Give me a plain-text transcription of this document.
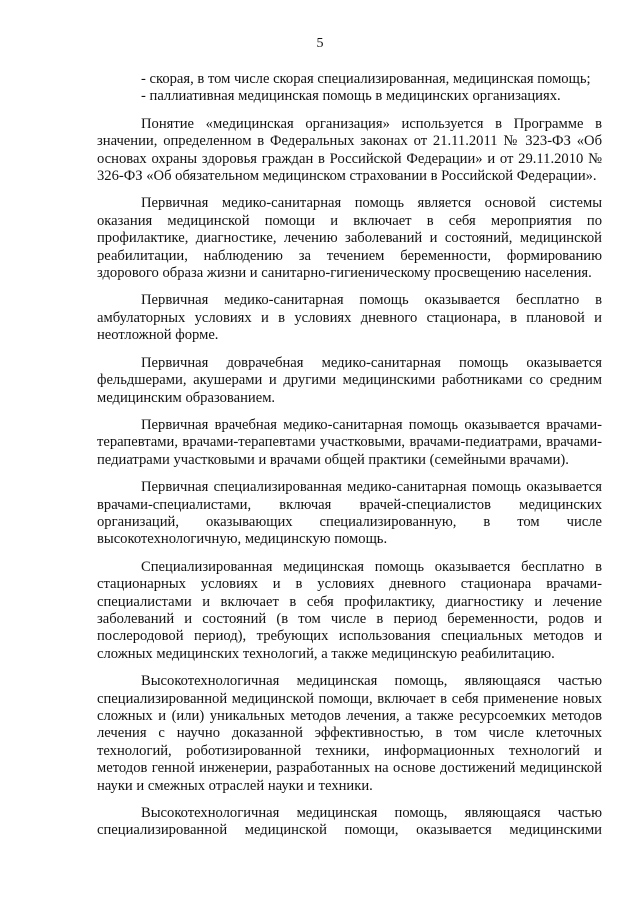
5

- скорая, в том числе скорая специализированная, медицинская помощь;

- паллиативная медицинская помощь в медицинских организациях.

Понятие «медицинская организация» используется в Программе в значении, определенном в Федеральных законах от 21.11.2011 № 323-ФЗ «Об основах охраны здоровья граждан в Российской Федерации» и от 29.11.2010 № 326-ФЗ «Об обязательном медицинском страховании в Российской Федерации».

Первичная медико-санитарная помощь является основой системы оказания медицинской помощи и включает в себя мероприятия по профилактике, диагностике, лечению заболеваний и состояний, медицинской реабилитации, наблюдению за течением беременности, формированию здорового образа жизни и санитарно-гигиеническому просвещению населения.

Первичная медико-санитарная помощь оказывается бесплатно в амбулаторных условиях и в условиях дневного стационара, в плановой и неотложной форме.

Первичная доврачебная медико-санитарная помощь оказывается фельдшерами, акушерами и другими медицинскими работниками со средним медицинским образованием.

Первичная врачебная медико-санитарная помощь оказывается врачами-терапевтами, врачами-терапевтами участковыми, врачами-педиатрами, врачами-педиатрами участковыми и врачами общей практики (семейными врачами).

Первичная специализированная медико-санитарная помощь оказывается врачами-специалистами, включая врачей-специалистов медицинских организаций, оказывающих специализированную, в том числе высокотехнологичную, медицинскую помощь.

Специализированная медицинская помощь оказывается бесплатно в стационарных условиях и в условиях дневного стационара врачами-специалистами и включает в себя профилактику, диагностику и лечение заболеваний и состояний (в том числе в период беременности, родов и послеродовой период), требующих использования специальных методов и сложных медицинских технологий, а также медицинскую реабилитацию.

Высокотехнологичная медицинская помощь, являющаяся частью специализированной медицинской помощи, включает в себя применение новых сложных и (или) уникальных методов лечения, а также ресурсоемких методов лечения с научно доказанной эффективностью, в том числе клеточных технологий, роботизированной техники, информационных технологий и методов генной инженерии, разработанных на основе достижений медицинской науки и смежных отраслей науки и техники.

Высокотехнологичная медицинская помощь, являющаяся частью специализированной медицинской помощи, оказывается медицинскими
